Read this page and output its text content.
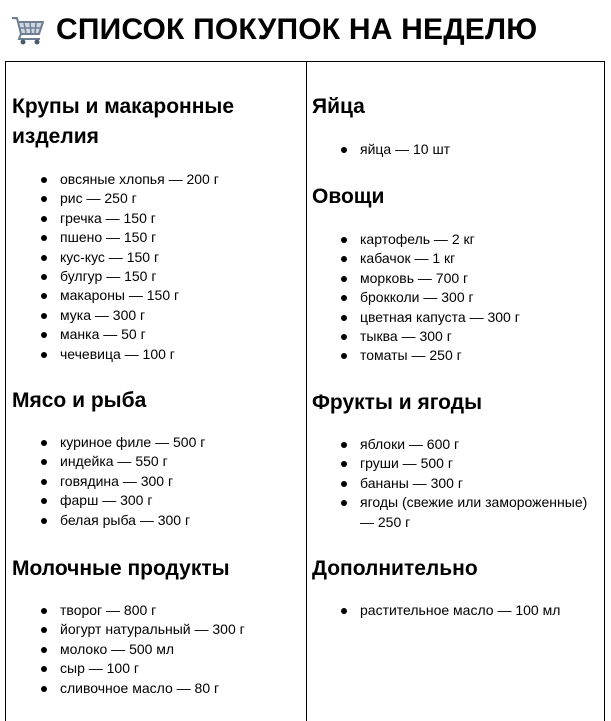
СПИСОК ПОКУПОК НА НЕДЕЛЮ
Крупы и макаронные изделия
овсяные хлопья — 200 г
рис — 250 г
гречка — 150 г
пшено — 150 г
кус-кус — 150 г
булгур — 150 г
макароны — 150 г
мука — 300 г
манка — 50 г
чечевица — 100 г
Мясо и рыба
куриное филе — 500 г
индейка — 550 г
говядина — 300 г
фарш — 300 г
белая рыба — 300 г
Молочные продукты
творог — 800 г
йогурт натуральный — 300 г
молоко — 500 мл
сыр — 100 г
сливочное масло — 80 г
Яйца
яйца — 10 шт
Овощи
картофель — 2 кг
кабачок — 1 кг
морковь — 700 г
брокколи — 300 г
цветная капуста — 300 г
тыква — 300 г
томаты — 250 г
Фрукты и ягоды
яблоки — 600 г
груши — 500 г
бананы — 300 г
ягоды (свежие или замороженные) — 250 г
Дополнительно
растительное масло — 100 мл
